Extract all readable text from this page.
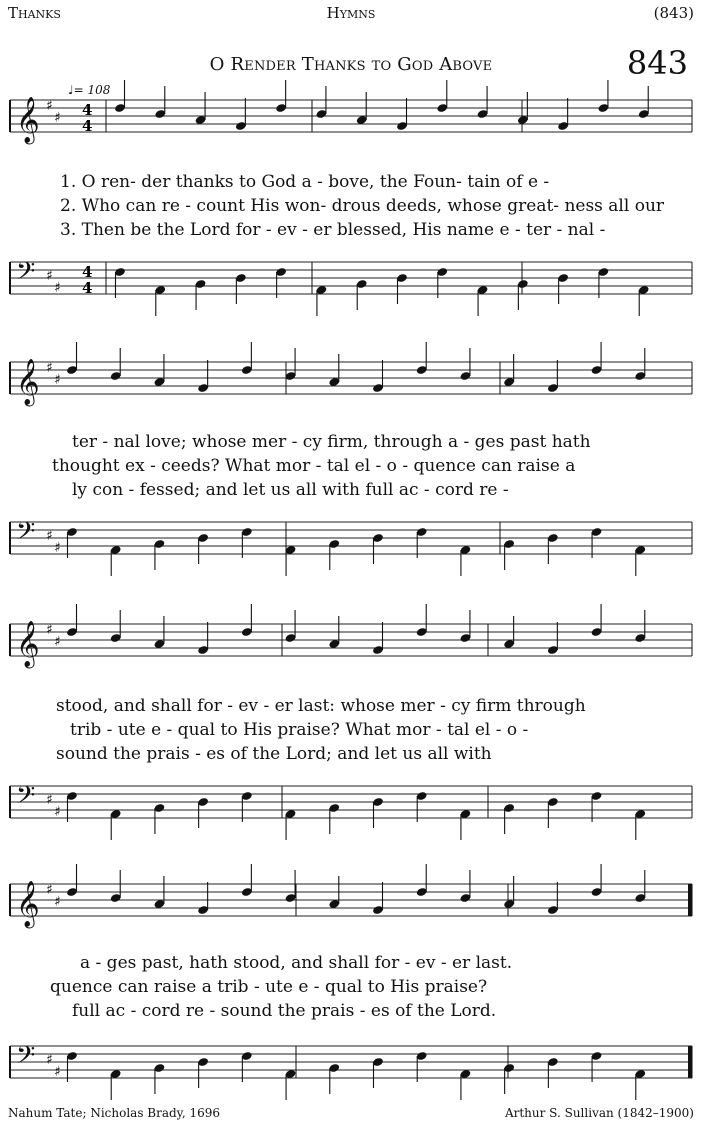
Thanks	Hymns	(843)
O Render Thanks to God Above	843
♩= 108
𝄞 ♯
♯ 4
4
𝄢 ♯
♯
4
4
𝄞 ♯
♯
𝄢 ♯
♯
𝄞 ♯
♯
𝄢 ♯
♯
𝄞 ♯
♯
𝄢 ♯
♯
1. O ren- der thanks to God a - bove, the Foun- tain of e -
2. Who can re - count His won- drous deeds, whose great- ness all our
3. Then be the Lord for - ev - er blessed, His name e - ter - nal -
ter - nal love; whose mer - cy firm, through a - ges past hath
thought ex - ceeds? What mor - tal el - o - quence can raise a
ly con - fessed; and let us all with full ac - cord re -
stood, and shall for - ev - er last: whose mer - cy firm through
trib - ute e - qual to His praise? What mor - tal el - o -
sound the prais - es of the Lord; and let us all with
a - ges past, hath stood, and shall for - ev - er last.
quence can raise a trib - ute e - qual to His praise?
full ac - cord re - sound the prais - es of the Lord.
Nahum Tate; Nicholas Brady, 1696	Arthur S. Sullivan (1842–1900)
